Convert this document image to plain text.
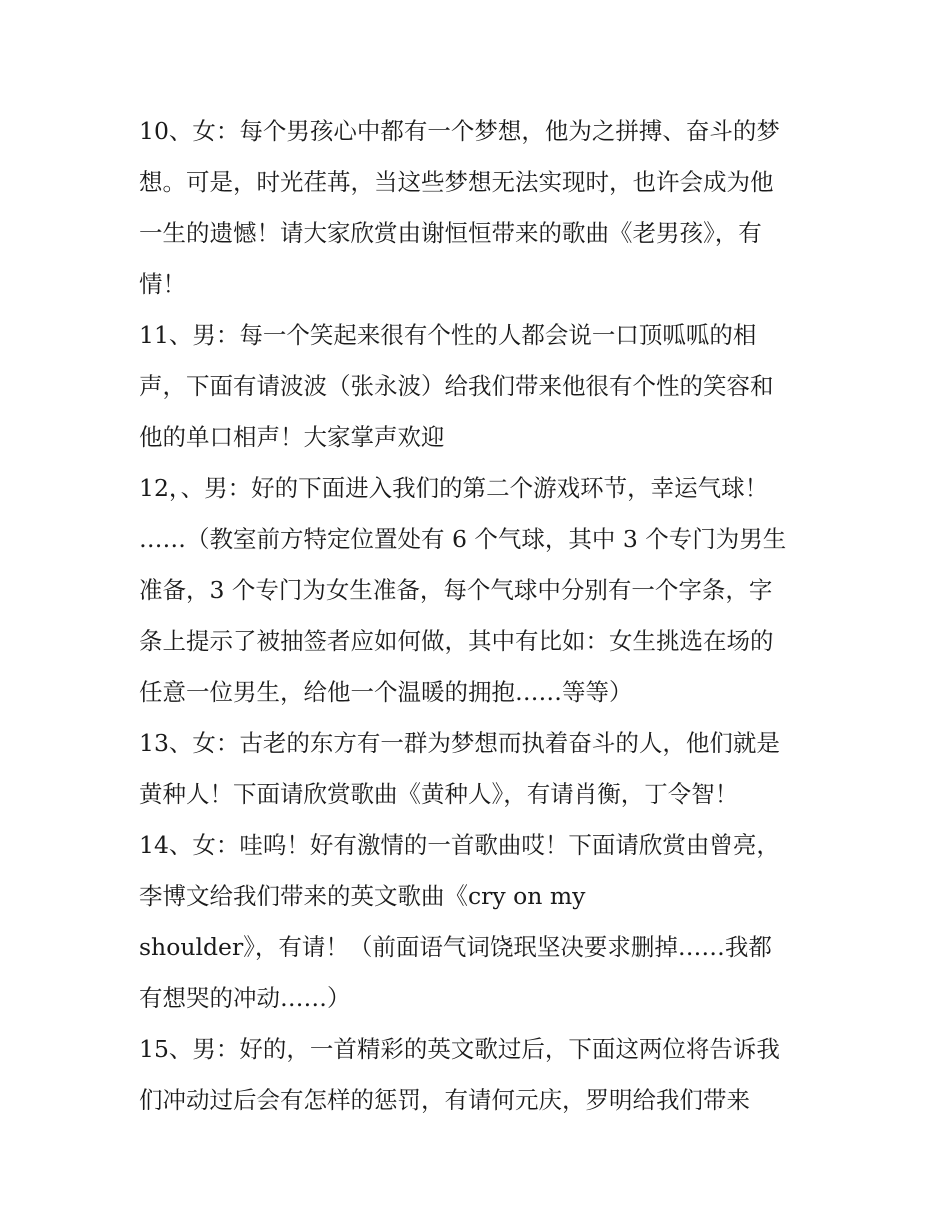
10、女：每个男孩心中都有一个梦想，他为之拼搏、奋斗的梦
想。可是，时光荏苒，当这些梦想无法实现时，也许会成为他
一生的遗憾！请大家欣赏由谢恒恒带来的歌曲《老男孩》，有
情！
11、男：每一个笑起来很有个性的人都会说一口顶呱呱的相
声，下面有请波波（张永波）给我们带来他很有个性的笑容和
他的单口相声！大家掌声欢迎
12，、男：好的下面进入我们的第二个游戏环节，幸运气球！
……（教室前方特定位置处有 6 个气球，其中 3 个专门为男生
准备，3 个专门为女生准备，每个气球中分别有一个字条，字
条上提示了被抽签者应如何做，其中有比如：女生挑选在场的
任意一位男生，给他一个温暖的拥抱……等等）
13、女：古老的东方有一群为梦想而执着奋斗的人，他们就是
黄种人！下面请欣赏歌曲《黄种人》，有请肖衡，丁令智！
14、女：哇呜！好有激情的一首歌曲哎！下面请欣赏由曾亮，
李博文给我们带来的英文歌曲《cry on my
shoulder》，有请！（前面语气词饶珉坚决要求删掉……我都
有想哭的冲动……）
15、男：好的，一首精彩的英文歌过后，下面这两位将告诉我
们冲动过后会有怎样的惩罚，有请何元庆，罗明给我们带来
